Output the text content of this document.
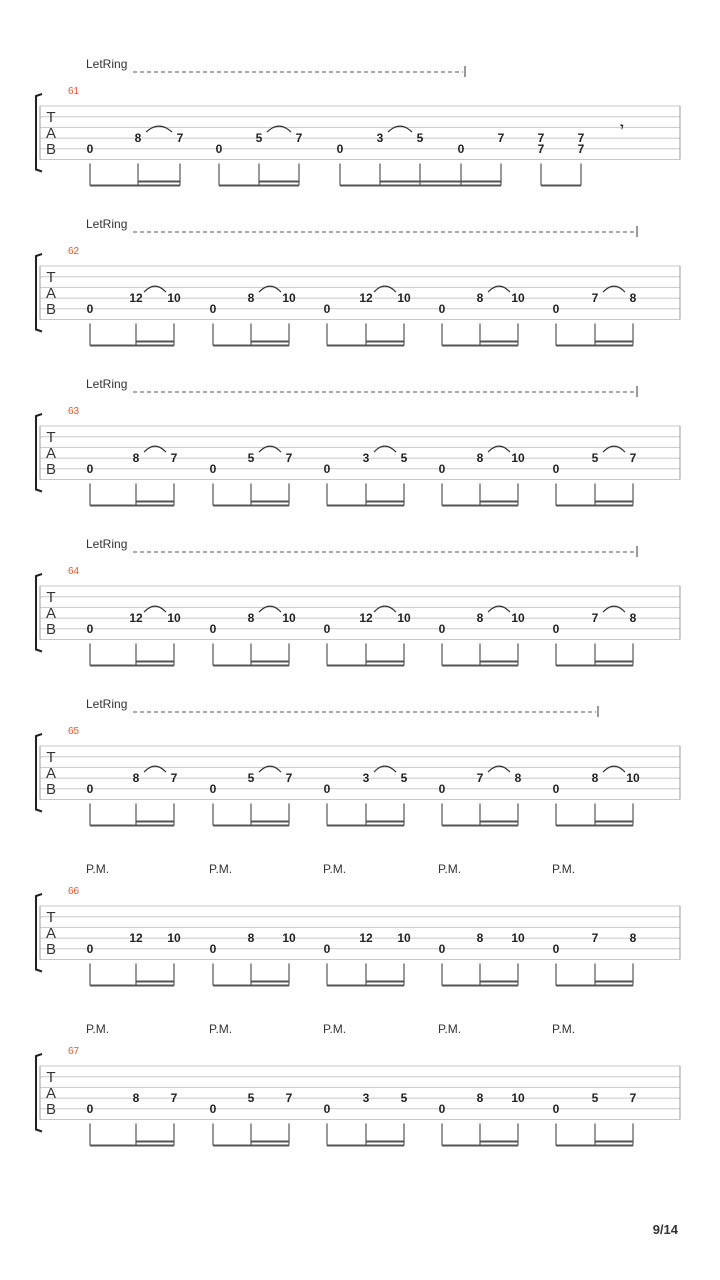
LetRing
61
T
A
B	0
8	7
0
5	7
0
3	5
0
7	7
7
7
7
𝄾
LetRing
62
T
A
B	0
12 10
0
8 10
0
12 10
0
8 10
0
7	8
LetRing
63
T
A
B	0
8	7
0
5	7
0
3	5
0
8 10
0
5	7
LetRing
64
T
A
B	0
12 10
0
8 10
0
12 10
0
8 10
0
7	8
LetRing
65
T
A
B	0
8	7
0
5	7
0
3	5
0
7	8
0
8 10
P.M.	P.M.	P.M.	P.M.	P.M.
66
T
A
B	0
12 10
0
8 10
0
12 10
0
8 10
0
7	8
P.M.	P.M.	P.M.	P.M.	P.M.
67
T
A
B	0
8	7
0
5	7
0
3	5
0
8 10
0
5	7
9/14
